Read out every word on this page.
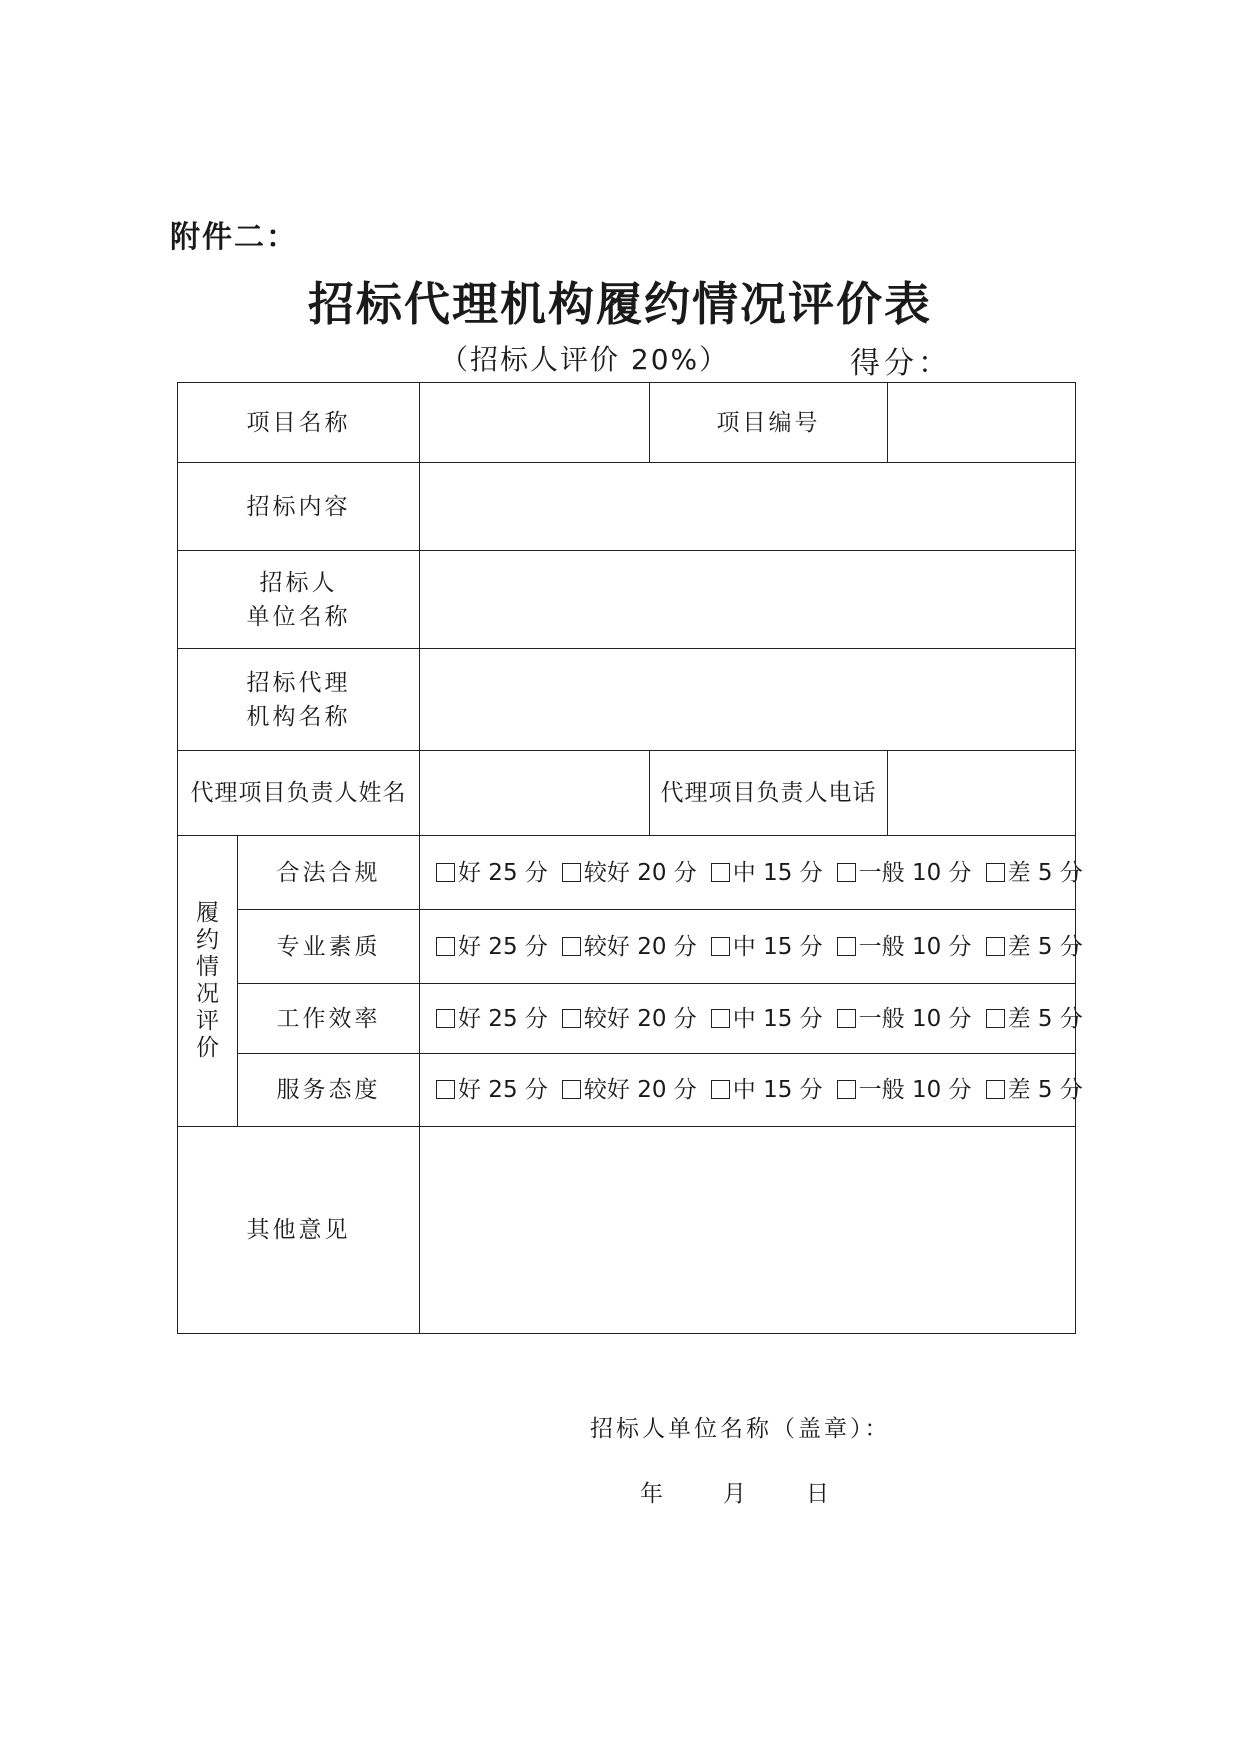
附件二：
招标代理机构履约情况评价表
（招标人评价 20%）	得分：
项目名称			项目编号	
招标内容				

招标人
单位名称				

招标代理
机构名称				

代理项目负责人姓名			代理项目负责人电话	

履约情况评价	合法合规	好 25 分 较好 20 分 中 15 分 一般 10 分 差 5 分		
	专业素质	好 25 分 较好 20 分 中 15 分 一般 10 分 差 5 分		
	工作效率	好 25 分 较好 20 分 中 15 分 一般 10 分 差 5 分		
	服务态度	好 25 分 较好 20 分 中 15 分 一般 10 分 差 5 分		
其他意见				
招标人单位名称（盖章）：
年	月	日
